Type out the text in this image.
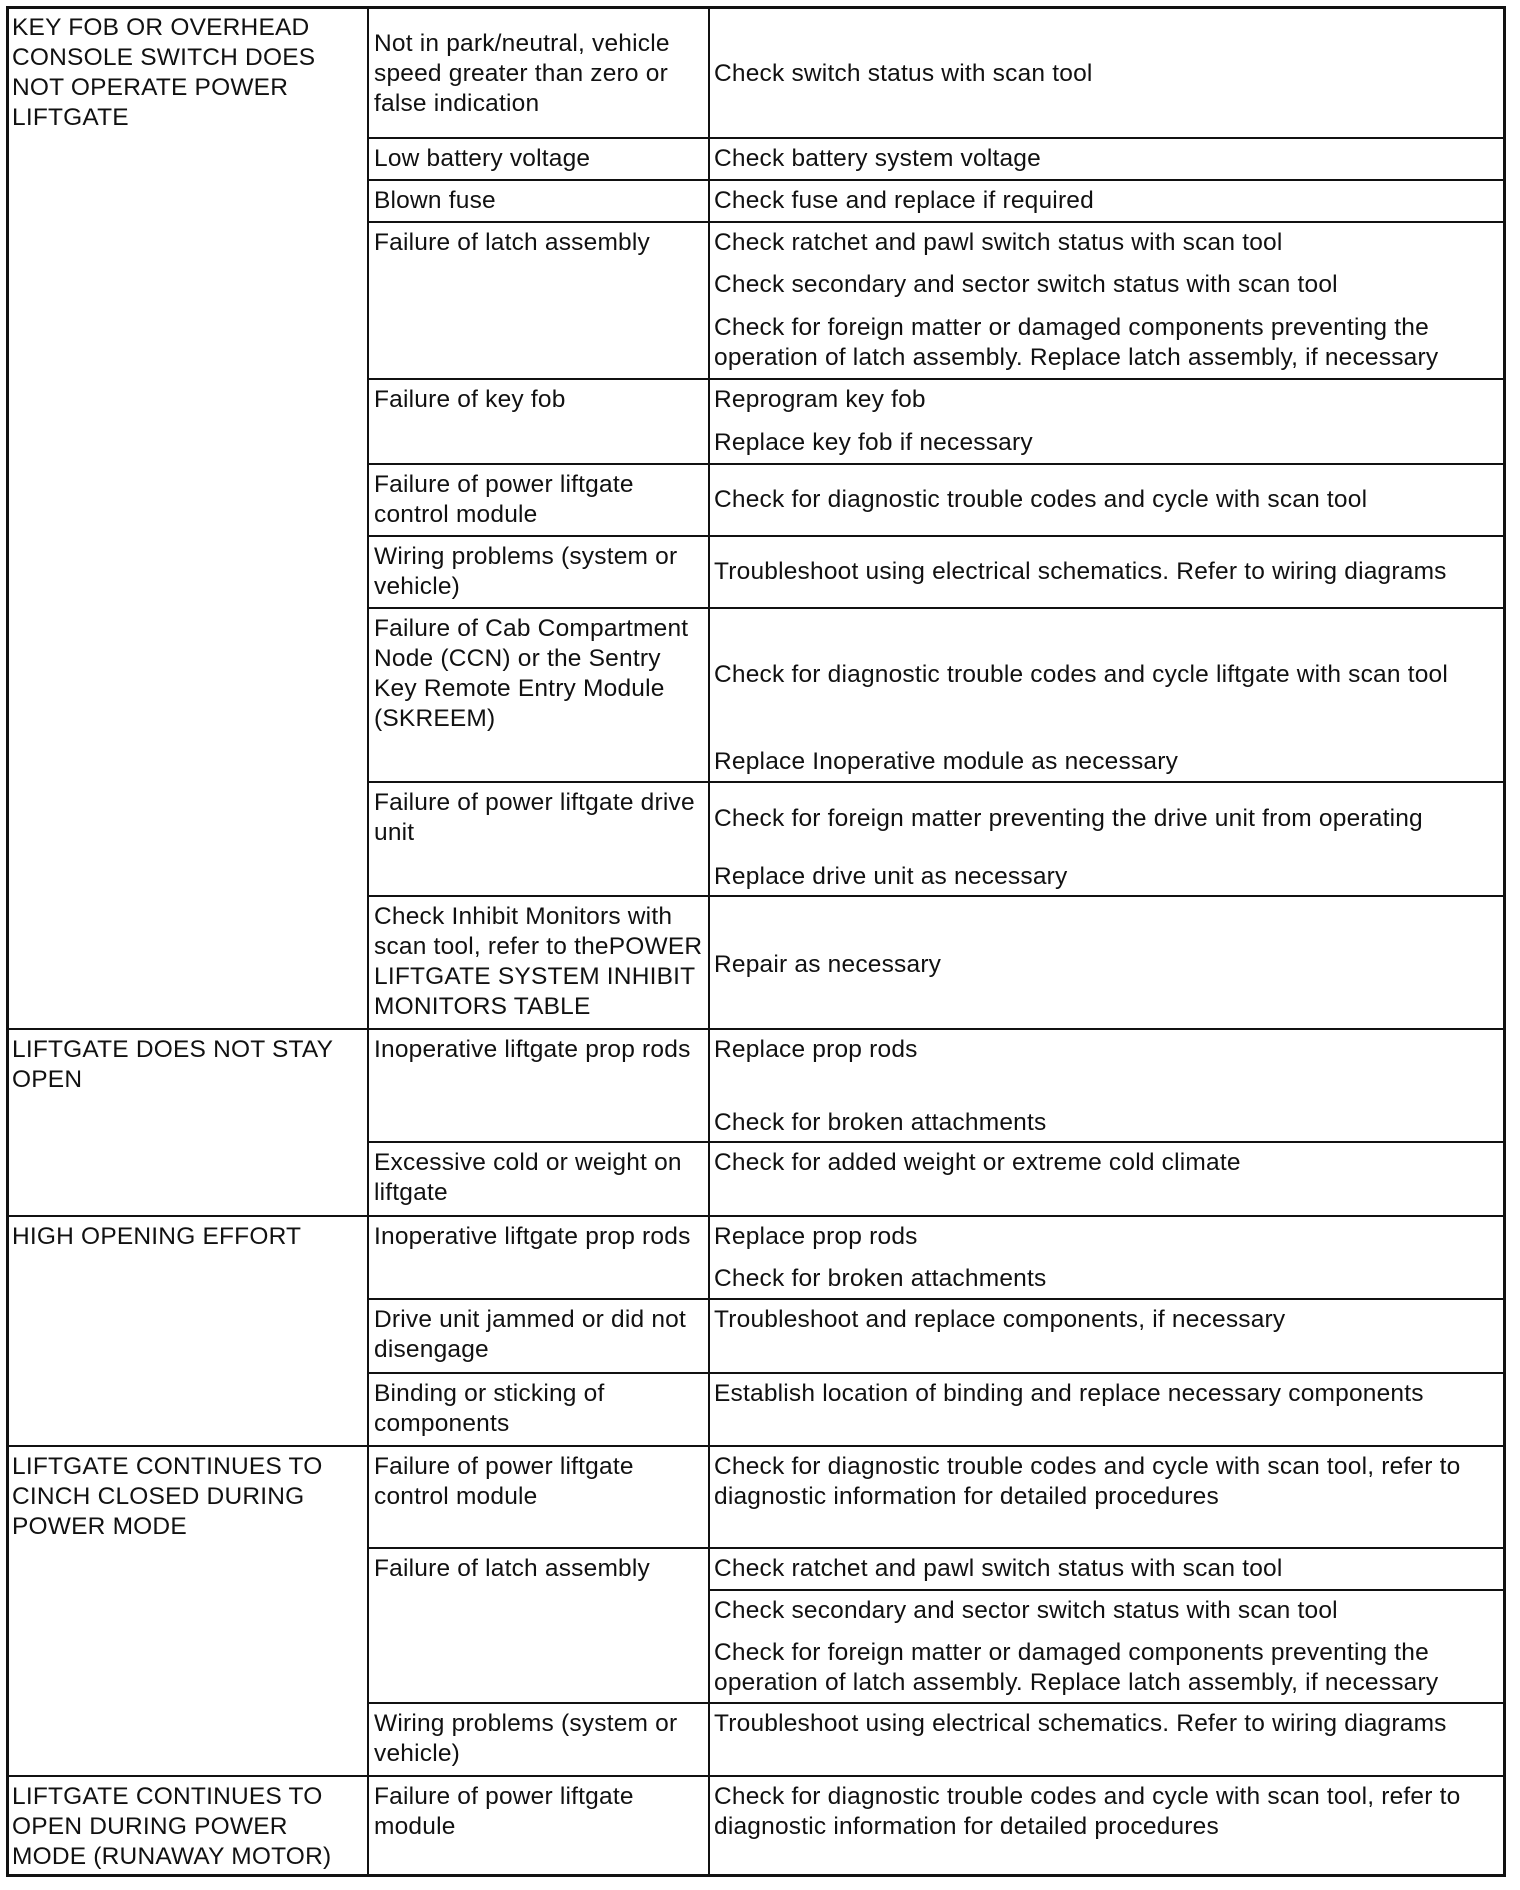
KEY FOB OR OVERHEAD
CONSOLE SWITCH DOES
NOT OPERATE POWER
LIFTGATE
LIFTGATE DOES NOT STAY
OPEN
HIGH OPENING EFFORT
LIFTGATE CONTINUES TO
CINCH CLOSED DURING
POWER MODE
LIFTGATE CONTINUES TO
OPEN DURING POWER
MODE (RUNAWAY MOTOR)
Not in park/neutral, vehicle
speed greater than zero or
false indication
Low battery voltage
Blown fuse
Failure of latch assembly
Failure of key fob
Failure of power liftgate
control module
Wiring problems (system or
vehicle)
Failure of Cab Compartment
Node (CCN) or the Sentry
Key Remote Entry Module
(SKREEM)
Failure of power liftgate drive
unit
Check Inhibit Monitors with
scan tool, refer to thePOWER
LIFTGATE SYSTEM INHIBIT
MONITORS TABLE
Inoperative liftgate prop rods
Excessive cold or weight on
liftgate
Inoperative liftgate prop rods
Drive unit jammed or did not
disengage
Binding or sticking of
components
Failure of power liftgate
control module
Failure of latch assembly
Wiring problems (system or
vehicle)
Failure of power liftgate
module
Check switch status with scan tool
Check battery system voltage
Check fuse and replace if required
Check ratchet and pawl switch status with scan tool
Check secondary and sector switch status with scan tool
Check for foreign matter or damaged components preventing the
operation of latch assembly. Replace latch assembly, if necessary
Reprogram key fob
Replace key fob if necessary
Check for diagnostic trouble codes and cycle with scan tool
Troubleshoot using electrical schematics. Refer to wiring diagrams
Check for diagnostic trouble codes and cycle liftgate with scan tool
Replace Inoperative module as necessary
Check for foreign matter preventing the drive unit from operating
Replace drive unit as necessary
Repair as necessary
Replace prop rods
Check for broken attachments
Check for added weight or extreme cold climate
Replace prop rods
Check for broken attachments
Troubleshoot and replace components, if necessary
Establish location of binding and replace necessary components
Check for diagnostic trouble codes and cycle with scan tool, refer to
diagnostic information for detailed procedures
Check ratchet and pawl switch status with scan tool
Check secondary and sector switch status with scan tool
Check for foreign matter or damaged components preventing the
operation of latch assembly. Replace latch assembly, if necessary
Troubleshoot using electrical schematics. Refer to wiring diagrams
Check for diagnostic trouble codes and cycle with scan tool, refer to
diagnostic information for detailed procedures
